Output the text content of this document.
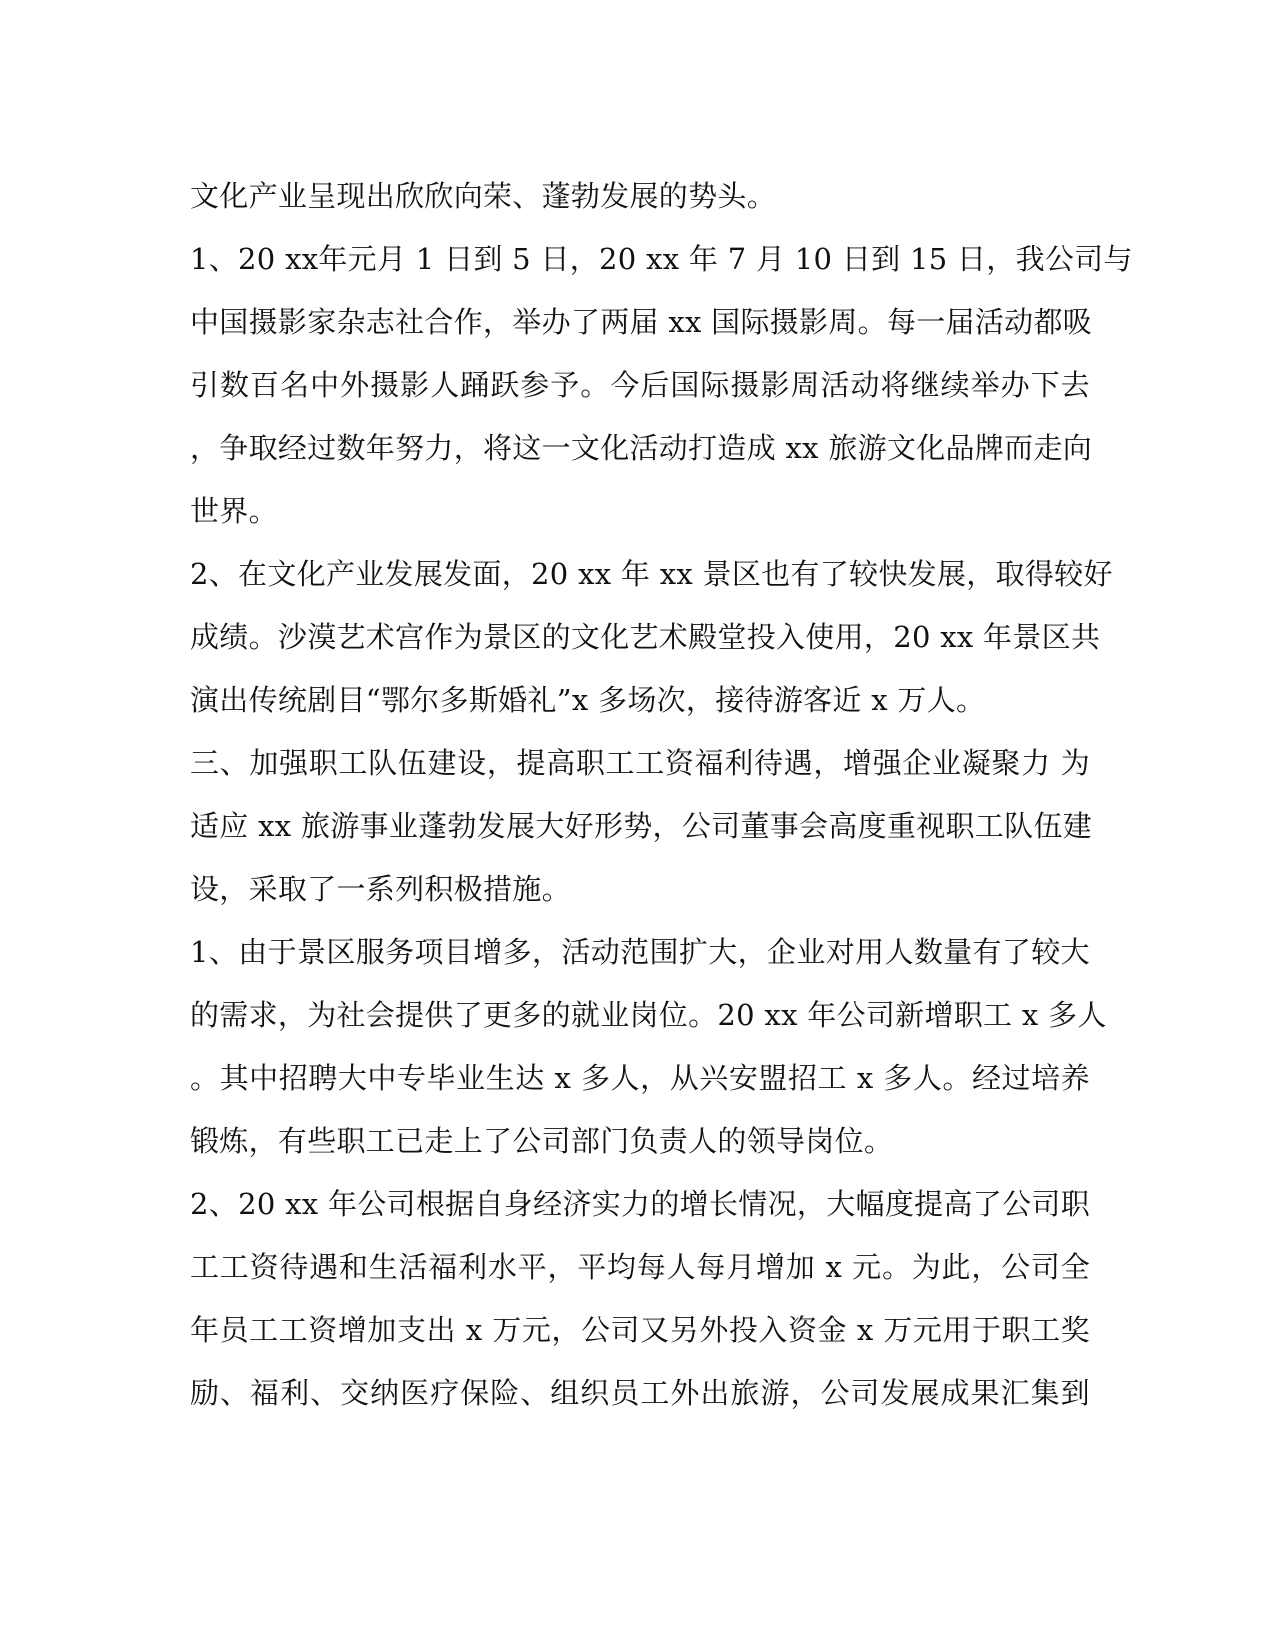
文化产业呈现出欣欣向荣、蓬勃发展的势头。
1、20 xx年元月 1 日到 5 日，20 xx 年 7 月 10 日到 15 日，我公司与
中国摄影家杂志社合作，举办了两届 xx 国际摄影周。每一届活动都吸
引数百名中外摄影人踊跃参予。今后国际摄影周活动将继续举办下去
，争取经过数年努力，将这一文化活动打造成 xx 旅游文化品牌而走向
世界。
2、在文化产业发展发面，20 xx 年 xx 景区也有了较快发展，取得较好
成绩。沙漠艺术宫作为景区的文化艺术殿堂投入使用，20 xx 年景区共
演出传统剧目“鄂尔多斯婚礼”x 多场次，接待游客近 x 万人。
三、加强职工队伍建设，提高职工工资福利待遇，增强企业凝聚力 为
适应 xx 旅游事业蓬勃发展大好形势，公司董事会高度重视职工队伍建
设，采取了一系列积极措施。
1、由于景区服务项目增多，活动范围扩大，企业对用人数量有了较大
的需求，为社会提供了更多的就业岗位。20 xx 年公司新增职工 x 多人
。其中招聘大中专毕业生达 x 多人，从兴安盟招工 x 多人。经过培养
锻炼，有些职工已走上了公司部门负责人的领导岗位。
2、20 xx 年公司根据自身经济实力的增长情况，大幅度提高了公司职
工工资待遇和生活福利水平，平均每人每月增加 x 元。为此，公司全
年员工工资增加支出 x 万元，公司又另外投入资金 x 万元用于职工奖
励、福利、交纳医疗保险、组织员工外出旅游，公司发展成果汇集到
